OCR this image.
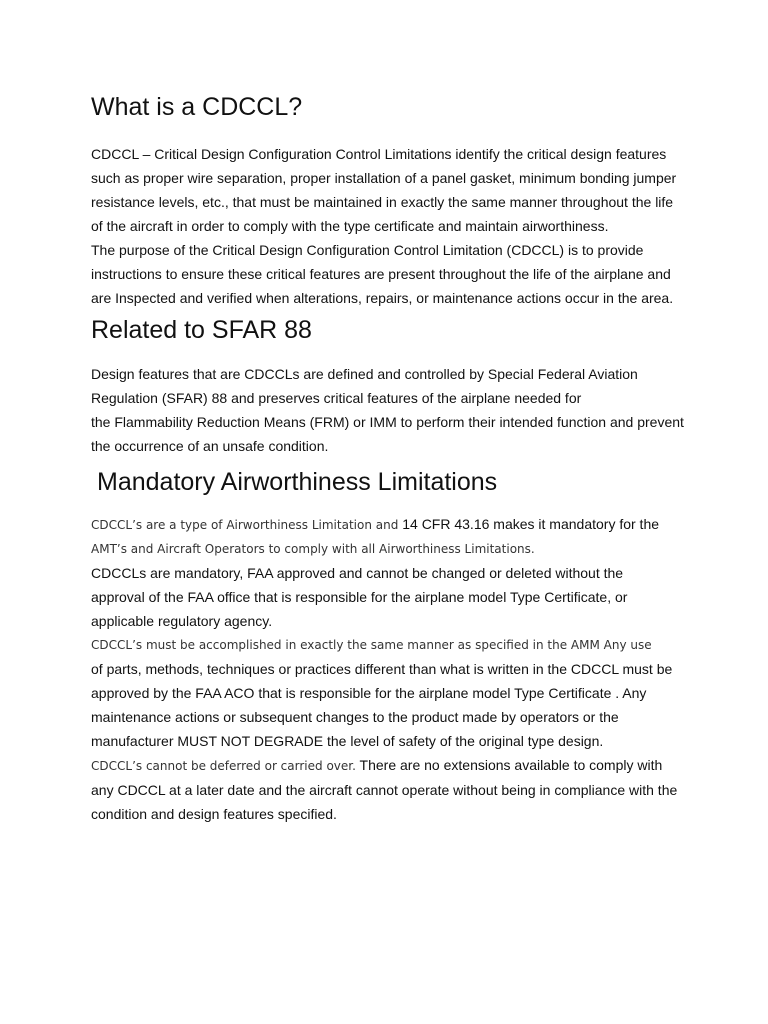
What is a CDCCL?

CDCCL – Critical Design Configuration Control Limitations identify the critical design features
such as proper wire separation, proper installation of a panel gasket, minimum bonding jumper
resistance levels, etc., that must be maintained in exactly the same manner throughout the life
of the aircraft in order to comply with the type certificate and maintain airworthiness.
The purpose of the Critical Design Configuration Control Limitation (CDCCL) is to provide
instructions to ensure these critical features are present throughout the life of the airplane and
are Inspected and verified when alterations, repairs, or maintenance actions occur in the area.

Related to SFAR 88

Design features that are CDCCLs are defined and controlled by Special Federal Aviation
Regulation (SFAR) 88 and preserves critical features of the airplane needed for
the Flammability Reduction Means (FRM) or IMM to perform their intended function and prevent
the occurrence of an unsafe condition.

Mandatory Airworthiness Limitations

CDCCL’s are a type of Airworthiness Limitation and 14 CFR 43.16 makes it mandatory for the
AMT’s and Aircraft Operators to comply with all Airworthiness Limitations.
CDCCLs are mandatory, FAA approved and cannot be changed or deleted without the
approval of the FAA office that is responsible for the airplane model Type Certificate, or
applicable regulatory agency.
CDCCL’s must be accomplished in exactly the same manner as specified in the AMM Any use
of parts, methods, techniques or practices different than what is written in the CDCCL must be
approved by the FAA ACO that is responsible for the airplane model Type Certificate . Any
maintenance actions or subsequent changes to the product made by operators or the
manufacturer MUST NOT DEGRADE the level of safety of the original type design.
CDCCL’s cannot be deferred or carried over. There are no extensions available to comply with
any CDCCL at a later date and the aircraft cannot operate without being in compliance with the
condition and design features specified.
